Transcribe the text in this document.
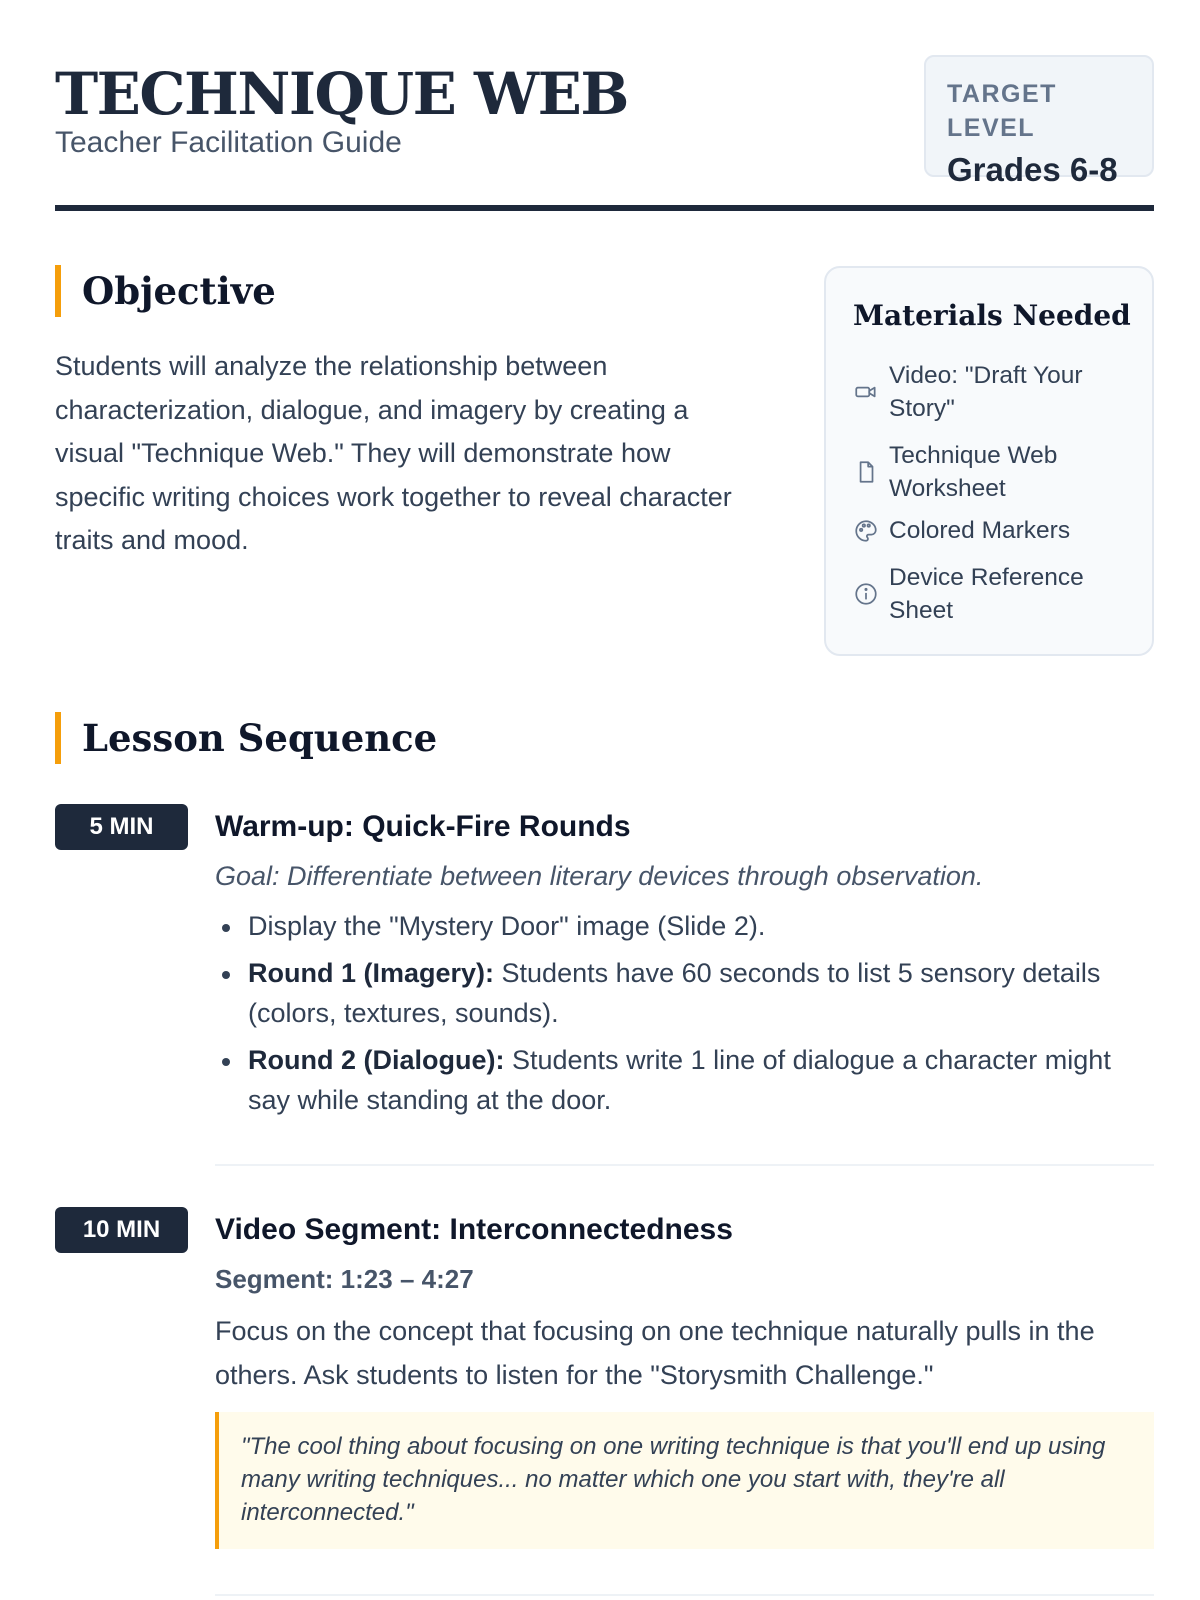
TECHNIQUE WEB
Teacher Facilitation Guide
TARGET LEVEL
Grades 6-8
Objective
Students will analyze the relationship between characterization, dialogue, and imagery by creating a visual "Technique Web." They will demonstrate how specific writing choices work together to reveal character traits and mood.
Materials Needed
Video: "Draft Your Story"
Technique Web Worksheet
Colored Markers
Device Reference Sheet
Lesson Sequence
5 MIN	Warm-up: Quick-Fire Rounds
Goal: Differentiate between literary devices through observation.
Display the "Mystery Door" image (Slide 2).
Round 1 (Imagery): Students have 60 seconds to list 5 sensory details (colors, textures, sounds).
Round 2 (Dialogue): Students write 1 line of dialogue a character might say while standing at the door.
10 MIN	Video Segment: Interconnectedness
Segment: 1:23 – 4:27
Focus on the concept that focusing on one technique naturally pulls in the others. Ask students to listen for the "Storysmith Challenge."
"The cool thing about focusing on one writing technique is that you'll end up using many writing techniques... no matter which one you start with, they're all interconnected."
